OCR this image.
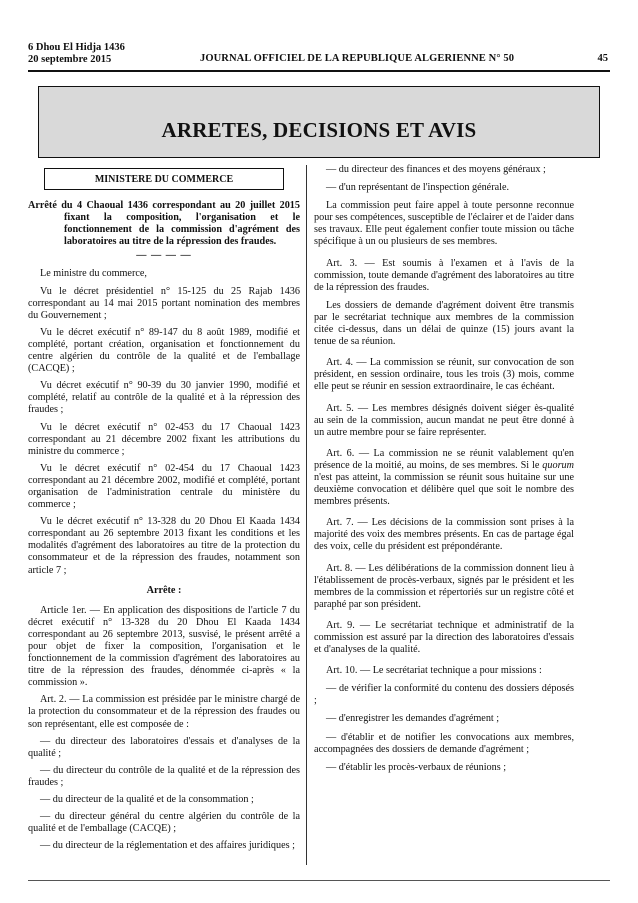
6 Dhou El Hidja 1436
20 septembre 2015	JOURNAL OFFICIEL DE LA REPUBLIQUE ALGERIENNE N° 50	45
ARRETES, DECISIONS ET AVIS
MINISTERE DU COMMERCE
Arrêté du 4 Chaoual 1436 correspondant au 20 juillet 2015 fixant la composition, l'organisation et le fonctionnement de la commission d'agrément des laboratoires au titre de la répression des fraudes.
— — — —

Le ministre du commerce,

Vu le décret présidentiel n° 15-125 du 25 Rajab 1436 correspondant au 14 mai 2015 portant nomination des membres du Gouvernement ;

Vu le décret exécutif n° 89-147 du 8 août 1989, modifié et complété, portant création, organisation et fonctionnement du centre algérien du contrôle de la qualité et de l'emballage (CACQE) ;

Vu décret exécutif n° 90-39 du 30 janvier 1990, modifié et complété, relatif au contrôle de la qualité et à la répression des fraudes ;

Vu le décret exécutif n° 02-453 du 17 Chaoual 1423 correspondant au 21 décembre 2002 fixant les attributions du ministre du commerce ;

Vu le décret exécutif n° 02-454 du 17 Chaoual 1423 correspondant au 21 décembre 2002, modifié et complété, portant organisation de l'administration centrale du ministère du commerce ;

Vu le décret exécutif n° 13-328 du 20 Dhou El Kaada 1434 correspondant au 26 septembre 2013 fixant les conditions et les modalités d'agrément des laboratoires au titre de la protection du consommateur et de la répression des fraudes, notamment son article 7 ;

Arrête :

Article 1er. — En application des dispositions de l'article 7 du décret exécutif n° 13-328 du 20 Dhou El Kaada 1434 correspondant au 26 septembre 2013, susvisé, le présent arrêté a pour objet de fixer la composition, l'organisation et le fonctionnement de la commission d'agrément des laboratoires au titre de la répression des fraudes, dénommée ci-après « la commission ».

Art. 2. — La commission est présidée par le ministre chargé de la protection du consommateur et de la répression des fraudes ou son représentant, elle est composée de :

— du directeur des laboratoires d'essais et d'analyses de la qualité ;

— du directeur du contrôle de la qualité et de la répression des fraudes ;

— du directeur de la qualité et de la consommation ;

— du directeur général du centre algérien du contrôle de la qualité et de l'emballage (CACQE) ;

— du directeur de la réglementation et des affaires juridiques ;

— du directeur des finances et des moyens généraux ;

— d'un représentant de l'inspection générale.

La commission peut faire appel à toute personne reconnue pour ses compétences, susceptible de l'éclairer et de l'aider dans ses travaux. Elle peut également confier toute mission ou tâche spécifique à un ou plusieurs de ses membres.

Art. 3. — Est soumis à l'examen et à l'avis de la commission, toute demande d'agrément des laboratoires au titre de la répression des fraudes.

Les dossiers de demande d'agrément doivent être transmis par le secrétariat technique aux membres de la commission citée ci-dessus, dans un délai de quinze (15) jours avant la tenue de sa réunion.

Art. 4. — La commission se réunit, sur convocation de son président, en session ordinaire, tous les trois (3) mois, comme elle peut se réunir en session extraordinaire, le cas échéant.

Art. 5. — Les membres désignés doivent siéger ès-qualité au sein de la commission, aucun mandat ne peut être donné à un autre membre pour se faire représenter.

Art. 6. — La commission ne se réunit valablement qu'en présence de la moitié, au moins, de ses membres. Si le quorum n'est pas atteint, la commission se réunit sous huitaine sur une deuxième convocation et délibère quel que soit le nombre des membres présents.

Art. 7. — Les décisions de la commission sont prises à la majorité des voix des membres présents. En cas de partage égal des voix, celle du président est prépondérante.

Art. 8. — Les délibérations de la commission donnent lieu à l'établissement de procès-verbaux, signés par le président et les membres de la commission et répertoriés sur un registre côté et paraphé par son président.

Art. 9. — Le secrétariat technique et administratif de la commission est assuré par la direction des laboratoires d'essais et d'analyses de la qualité.

Art. 10. — Le secrétariat technique a pour missions :

— de vérifier la conformité du contenu des dossiers déposés ;

— d'enregistrer les demandes d'agrément ;

— d'établir et de notifier les convocations aux membres, accompagnées des dossiers de demande d'agrément ;

— d'établir les procès-verbaux de réunions ;
